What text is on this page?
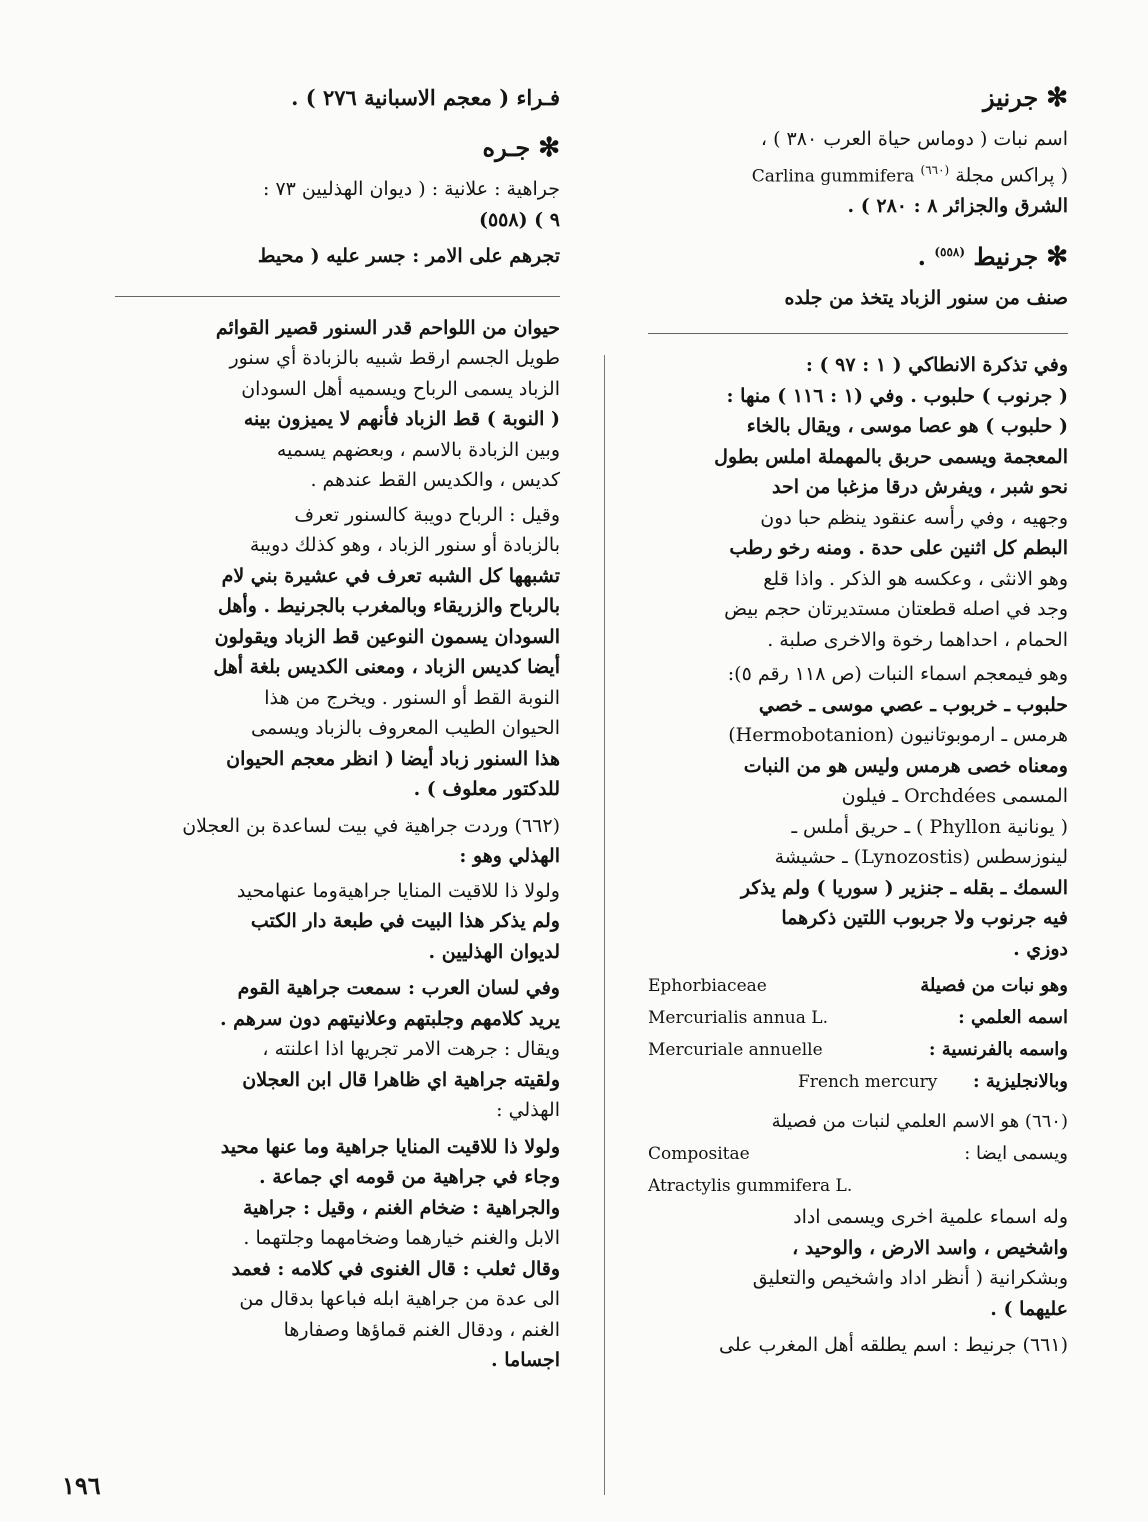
✻جرنيز

اسم نبات ( دوماس حياة العرب ٣٨٠ ) ،

( پراكس مجلة $^{(٦٦٠)}$ Carlina gummifera

الشرق والجزائر ٨ : ٢٨٠ ) .

✻جرنيط $^{(٥٥٨)}$ .

صنف من سنور الزباد يتخذ من جلده

وفي تذكرة الانطاكي ( ١ : ٩٧ ) :

( جرنوب ) حلبوب . وفي (١ : ١١٦ ) منها :

( حلبوب ) هو عصا موسى ، ويقال بالخاء

المعجمة ويسمى حربق بالمهملة املس بطول

نحو شبر ، ويفرش درقا مزغبا من احد

وجهيه ، وفي رأسه عنقود ينظم حبا دون

البطم كل اثنين على حدة . ومنه رخو رطب

وهو الانثى ، وعكسه هو الذكر . واذا قلع

وجد في اصله قطعتان مستديرتان حجم بيض

الحمام ، احداهما رخوة والاخرى صلبة .

وهو فيمعجم اسماء النبات (ص ١١٨ رقم ٥):

حلبوب ـ خربوب ـ عصي موسى ـ خصي

هرمس ـ ارموبوتانيون (Hermobotanion)

ومعناه خصى هرمس وليس هو من النبات

المسمى Orchdées ـ فيلون

( يونانية Phyllon ) ـ حريق أملس ـ

لينوزسطس (Lynozostis) ـ حشيشة

السمك ـ بقله ـ جنزير ( سوريا ) ولم يذكر

فيه جرنوب ولا جربوب اللتين ذكرهما

دوزي .

وهو نبات من فصيلة
Ephorbiaceae
اسمه العلمي :
Mercurialis annua L.
واسمه بالفرنسية :
Mercuriale annuelle
وبالانجليزية :
French mercury
(٦٦٠) هو الاسم العلمي لنبات من فصيلة
ويسمى ايضا :
Compositae
Atractylis gummifera L.

وله اسماء علمية اخرى ويسمى اداد

واشخيص ، واسد الارض ، والوحيد ،

وبشكرانية ( أنظر اداد واشخيص والتعليق

عليهما ) .

(٦٦١) جرنيط : اسم يطلقه أهل المغرب على

فـراء ( معجم الاسبانية ٢٧٦ ) .

✻جـره

جراهية : علانية : ( ديوان الهذليين ٧٣ :

٩ ) (٥٥٨)

تجرهم على الامر : جسر عليه ( محيط

حيوان من اللواحم قدر السنور قصير القوائم

طويل الجسم ارقط شبيه بالزبادة أي سنور

الزباد يسمى الرباح ويسميه أهل السودان

( النوبة ) قط الزباد فأنهم لا يميزون بينه

وبين الزبادة بالاسم ، وبعضهم يسميه

كديس ، والكديس القط عندهم .

وقيل : الرباح دويبة كالسنور تعرف

بالزبادة أو سنور الزباد ، وهو كذلك دويبة

تشبهها كل الشبه تعرف في عشيرة بني لام

بالرباح والزريقاء وبالمغرب بالجرنيط . وأهل

السودان يسمون النوعين قط الزباد ويقولون

أيضا كديس الزباد ، ومعنى الكديس بلغة أهل

النوبة القط أو السنور . ويخرج من هذا

الحيوان الطيب المعروف بالزباد ويسمى

هذا السنور زباد أيضا ( انظر معجم الحيوان

للدكتور معلوف ) .

(٦٦٢) وردت جراهية في بيت لساعدة بن العجلان

الهذلي وهو :

ولولا ذا للاقيت المنايا جراهيةوما عنهامحيد

ولم يذكر هذا البيت في طبعة دار الكتب

لديوان الهذليين .

وفي لسان العرب : سمعت جراهية القوم

يريد كلامهم وجلبتهم وعلانيتهم دون سرهم .

ويقال : جرهت الامر تجريها اذا اعلنته ،

ولقيته جراهية اي ظاهرا قال ابن العجلان

الهذلي :

ولولا ذا للاقيت المنايا جراهية وما عنها محيد

وجاء في جراهية من قومه اي جماعة .

والجراهية : ضخام الغنم ، وقيل : جراهية

الابل والغنم خيارهما وضخامهما وجلتهما .

وقال ثعلب : قال الغنوى في كلامه : فعمد

الى عدة من جراهية ابله فباعها بدقال من

الغنم ، ودقال الغنم قماؤها وصفارها

اجساما .

١٩٦
